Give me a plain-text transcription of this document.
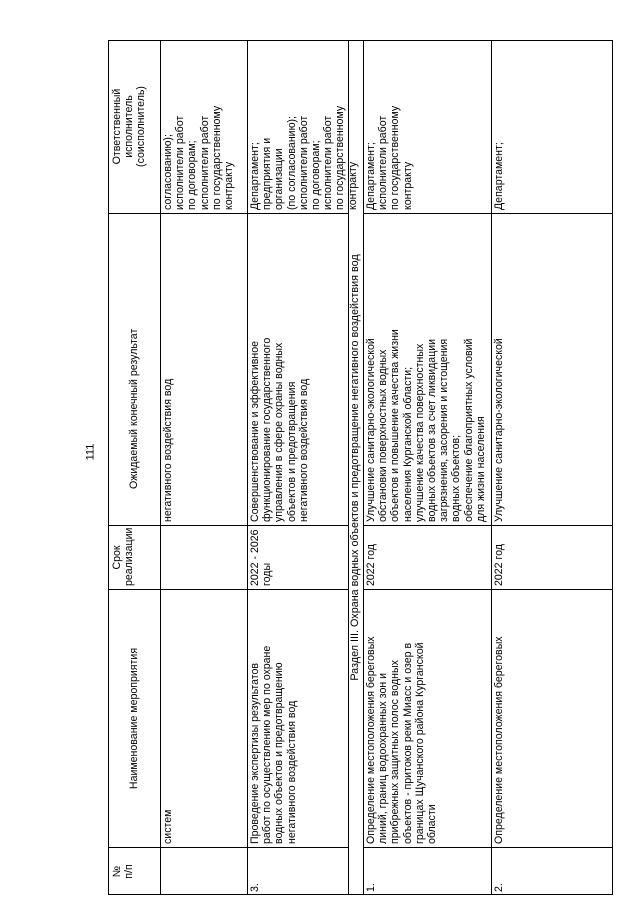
111
№
п/п
Наименование мероприятия
Срок
реализации
Ожидаемый конечный результат
Ответственный
исполнитель
(соисполнитель)
систем
негативного воздействия вод
согласованию);
исполнители работ
по договорам;
исполнители работ
по государственному
контракту
3.
Проведение экспертизы результатов
работ по осуществлению мер по охране
водных объектов и предотвращению
негативного воздействия вод
2022 - 2026
годы
Совершенствование и эффективное
функционирование государственного
управления в сфере охраны водных
объектов и предотвращения
негативного воздействия вод
Департамент;
предприятия и
организации
(по согласованию);
исполнители работ
по договорам;
исполнители работ
по государственному
контракту
Раздел III. Охрана водных объектов и предотвращение негативного воздействия вод
1.
Определение местоположения береговых
линий, границ водоохранных зон и
прибрежных защитных полос водных
объектов - притоков реки Миасс и озер в
границах Щучанского района Курганской
области
2022 год
Улучшение санитарно-экологической
обстановки поверхностных водных
объектов и повышение качества жизни
населения Курганской области;
улучшение качества поверхностных
водных объектов за счет ликвидации
загрязнения, засорения и истощения
водных объектов;
обеспечение благоприятных условий
для жизни населения
Департамент;
исполнители работ
по государственному
контракту
2.
Определение местоположения береговых
2022 год
Улучшение санитарно-экологической
Департамент;
